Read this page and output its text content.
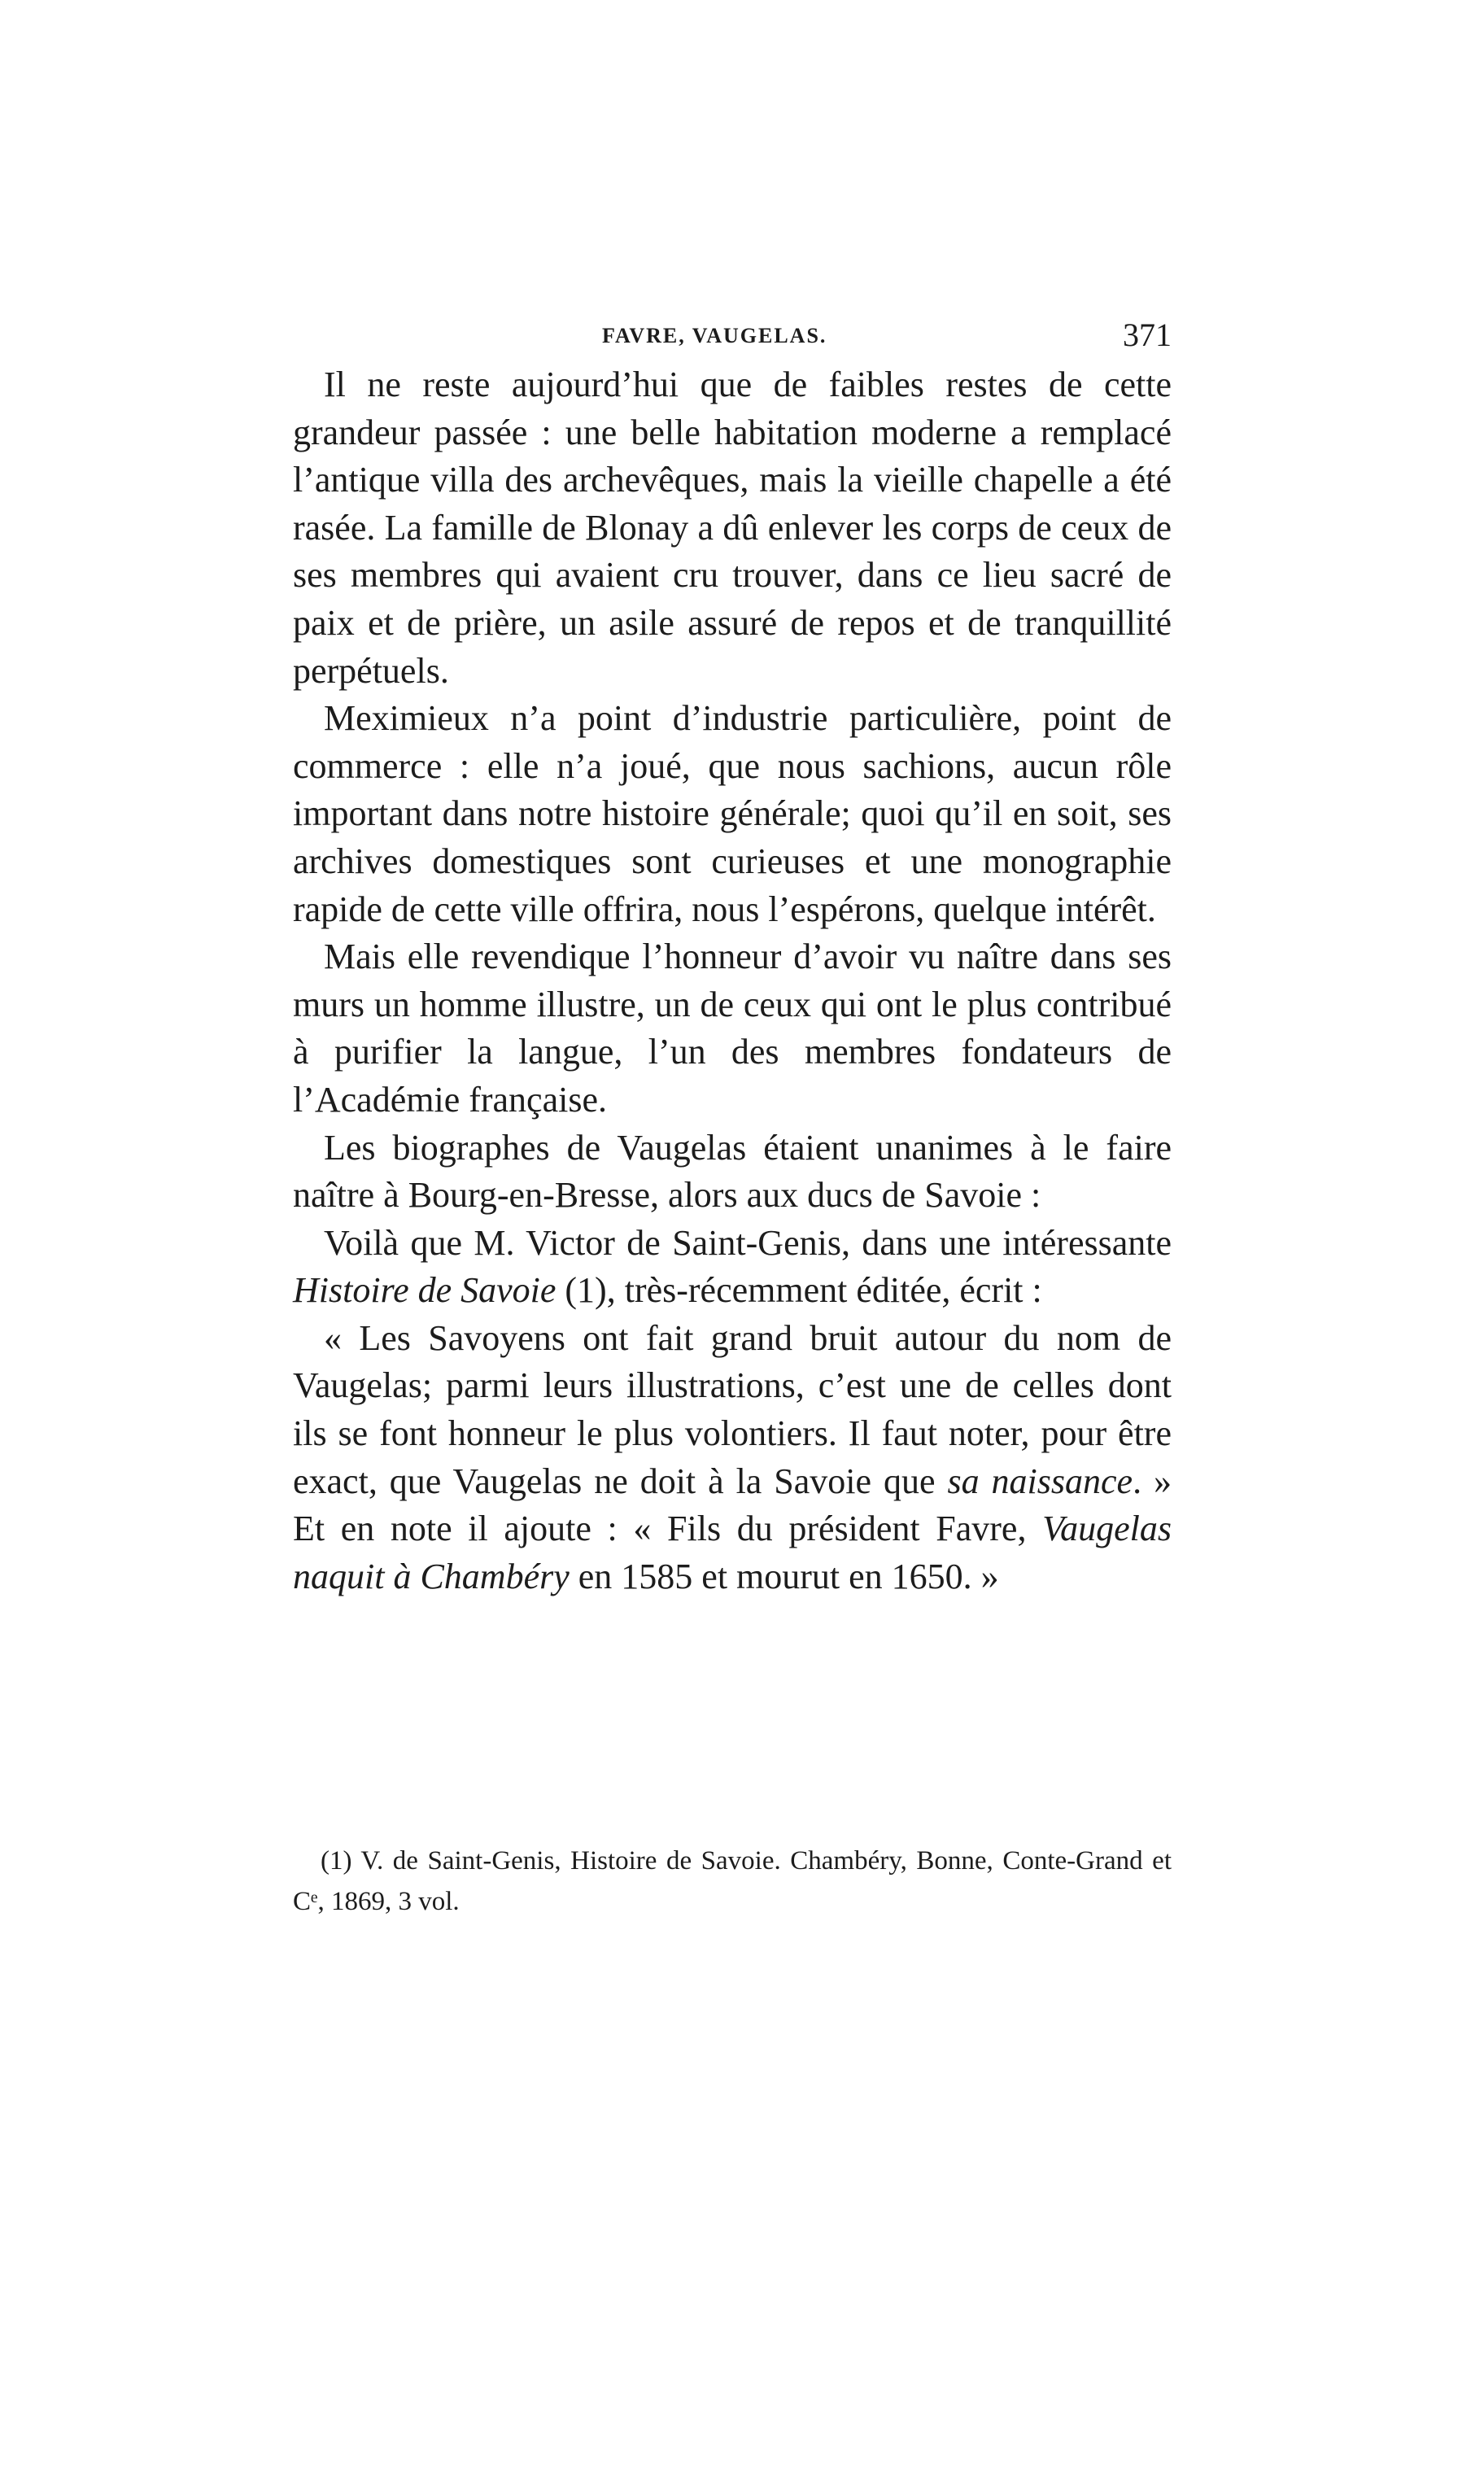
FAVRE, VAUGELAS.	371

Il ne reste aujourd’hui que de faibles restes de cette grandeur passée : une belle habitation moderne a remplacé l’antique villa des archevêques, mais la vieille chapelle a été rasée. La famille de Blonay a dû enlever les corps de ceux de ses membres qui avaient cru trouver, dans ce lieu sacré de paix et de prière, un asile assuré de repos et de tranquillité perpétuels.

Meximieux n’a point d’industrie particulière, point de commerce : elle n’a joué, que nous sachions, aucun rôle important dans notre histoire générale; quoi qu’il en soit, ses archives domestiques sont curieuses et une monographie rapide de cette ville offrira, nous l’espérons, quelque intérêt.

Mais elle revendique l’honneur d’avoir vu naître dans ses murs un homme illustre, un de ceux qui ont le plus contribué à purifier la langue, l’un des membres fondateurs de l’Académie française.

Les biographes de Vaugelas étaient unanimes à le faire naître à Bourg-en-Bresse, alors aux ducs de Savoie :

Voilà que M. Victor de Saint-Genis, dans une intéressante Histoire de Savoie (1), très-récemment éditée, écrit :

« Les Savoyens ont fait grand bruit autour du nom de Vaugelas; parmi leurs illustrations, c’est une de celles dont ils se font honneur le plus volontiers. Il faut noter, pour être exact, que Vaugelas ne doit à la Savoie que sa naissance. » Et en note il ajoute : « Fils du président Favre, Vaugelas naquit à Chambéry en 1585 et mourut en 1650. »

(1) V. de Saint-Genis, Histoire de Savoie. Chambéry, Bonne, Conte-Grand et Cᵉ, 1869, 3 vol.
